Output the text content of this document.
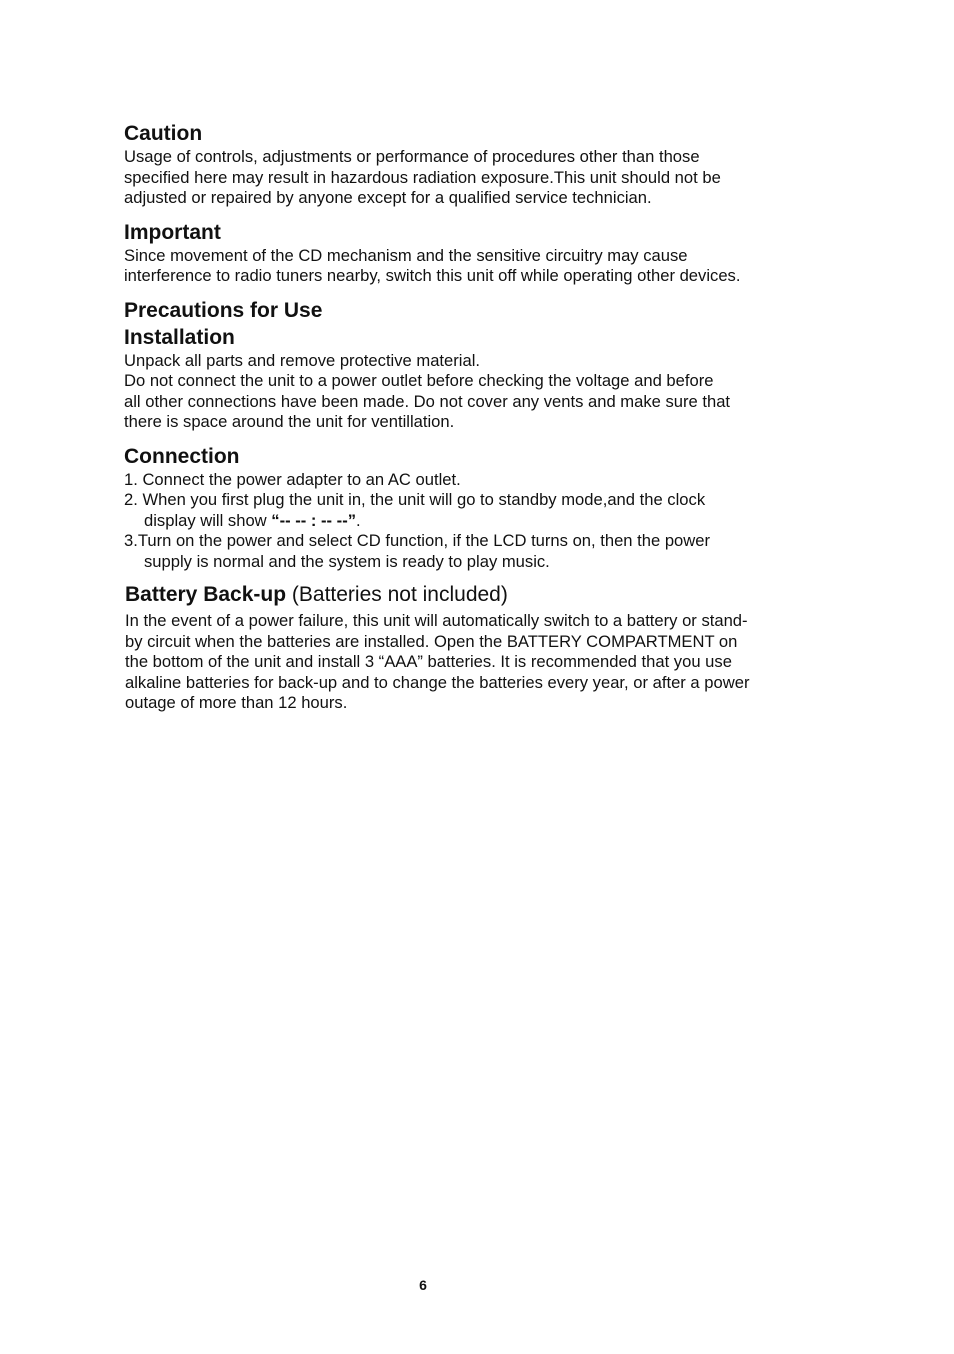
Caution

Usage of controls, adjustments or performance of procedures other than those

specified here may result in hazardous radiation exposure.This unit should not be

adjusted or repaired by anyone except for a qualified service technician.

Important

Since movement of the CD mechanism and the sensitive circuitry may cause

interference to radio tuners nearby, switch this unit off while operating other devices.

Precautions for Use
Installation

Unpack all parts and remove protective material.

Do not connect the unit to a power outlet before checking the voltage and before

all other connections have been made. Do not cover any vents and make sure that

there is space around the unit for ventillation.

Connection

1. Connect the power adapter to an AC outlet.

2. When you first plug the unit in, the unit will go to standby mode,and the clock

display will show “-- -- : -- --”.

3.Turn on the power and select CD function, if the LCD turns on, then the power

supply is normal and the system is ready to play music.

Battery Back-up (Batteries not included)

In the event of a power failure, this unit will automatically switch to a battery or stand-

by circuit when the batteries are installed. Open the BATTERY COMPARTMENT on

the bottom of the unit and install 3 “AAA” batteries. It is recommended that you use

alkaline batteries for back-up and to change the batteries every year, or after a power

outage of more than 12 hours.

6
